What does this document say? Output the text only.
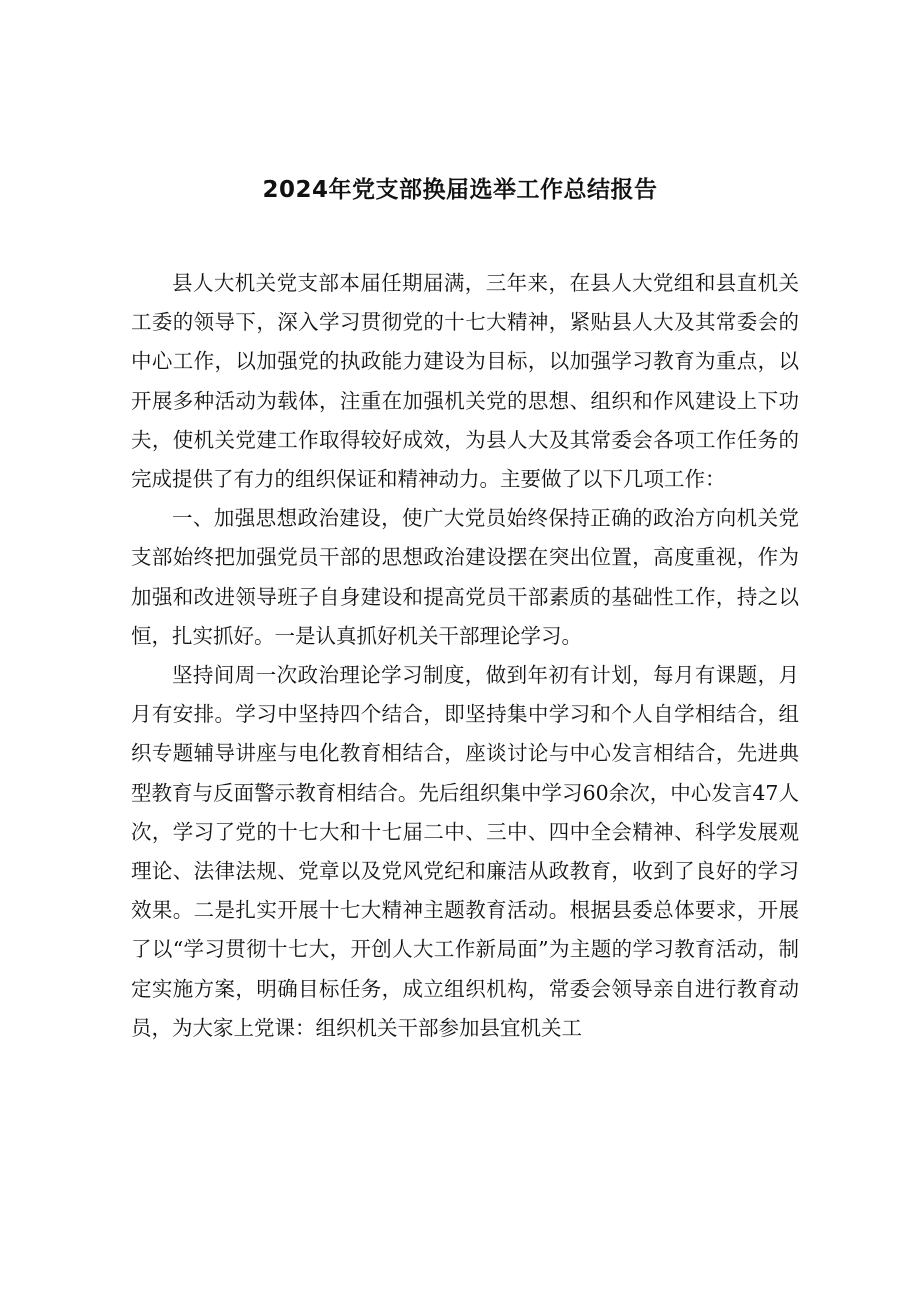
2024年党支部换届选举工作总结报告

县人大机关党支部本届任期届满，三年来，在县人大党组和县直机关工委的领导下，深入学习贯彻党的十七大精神，紧贴县人大及其常委会的中心工作，以加强党的执政能力建设为目标，以加强学习教育为重点，以开展多种活动为载体，注重在加强机关党的思想、组织和作风建设上下功夫，使机关党建工作取得较好成效，为县人大及其常委会各项工作任务的完成提供了有力的组织保证和精神动力。主要做了以下几项工作：

一、加强思想政治建设，使广大党员始终保持正确的政治方向机关党支部始终把加强党员干部的思想政治建设摆在突出位置，高度重视，作为加强和改进领导班子自身建设和提高党员干部素质的基础性工作，持之以恒，扎实抓好。一是认真抓好机关干部理论学习。

坚持间周一次政治理论学习制度，做到年初有计划，每月有课题，月月有安排。学习中坚持四个结合，即坚持集中学习和个人自学相结合，组织专题辅导讲座与电化教育相结合，座谈讨论与中心发言相结合，先进典型教育与反面警示教育相结合。先后组织集中学习60余次，中心发言47人次，学习了党的十七大和十七届二中、三中、四中全会精神、科学发展观理论、法律法规、党章以及党风党纪和廉洁从政教育，收到了良好的学习效果。二是扎实开展十七大精神主题教育活动。根据县委总体要求，开展了以“学习贯彻十七大，开创人大工作新局面”为主题的学习教育活动，制定实施方案，明确目标任务，成立组织机构，常委会领导亲自进行教育动员，为大家上党课：组织机关干部参加县宜机关工
